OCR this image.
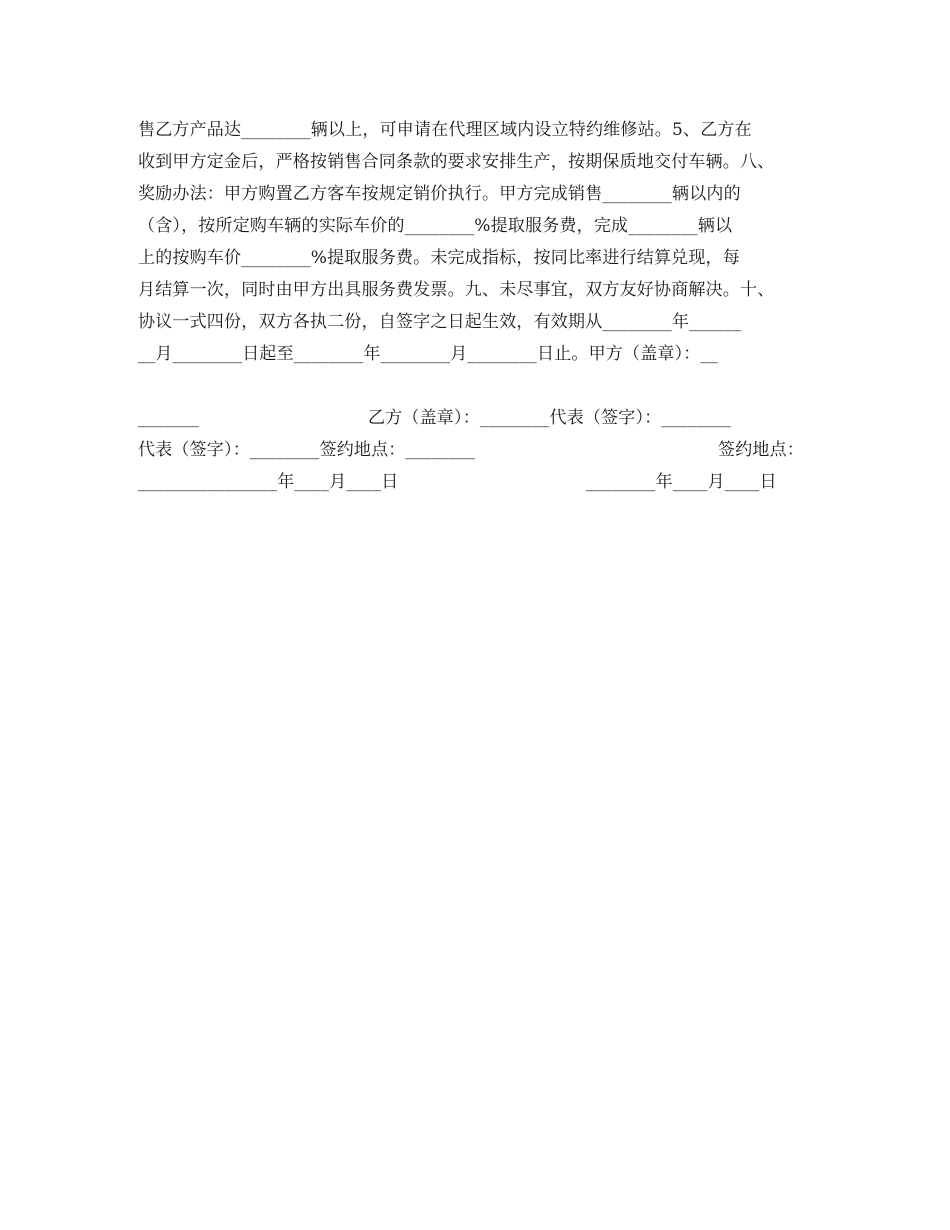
售乙方产品达________辆以上，可申请在代理区域内设立特约维修站。5、乙方在
收到甲方定金后，严格按销售合同条款的要求安排生产，按期保质地交付车辆。八、
奖励办法：甲方购置乙方客车按规定销价执行。甲方完成销售________辆以内的
（含），按所定购车辆的实际车价的________%提取服务费，完成________辆以
上的按购车价________%提取服务费。未完成指标，按同比率进行结算兑现，每
月结算一次，同时由甲方出具服务费发票。九、未尽事宜，双方友好协商解决。十、
协议一式四份，双方各执二份，自签字之日起生效，有效期从________年______
__月________日起至________年________月________日止。甲方（盖章）：__
_______	乙方（盖章）：________代表（签字）：________
代表（签字）：________签约地点：________	签约地点：
________________年____月____日	________年____月____日
